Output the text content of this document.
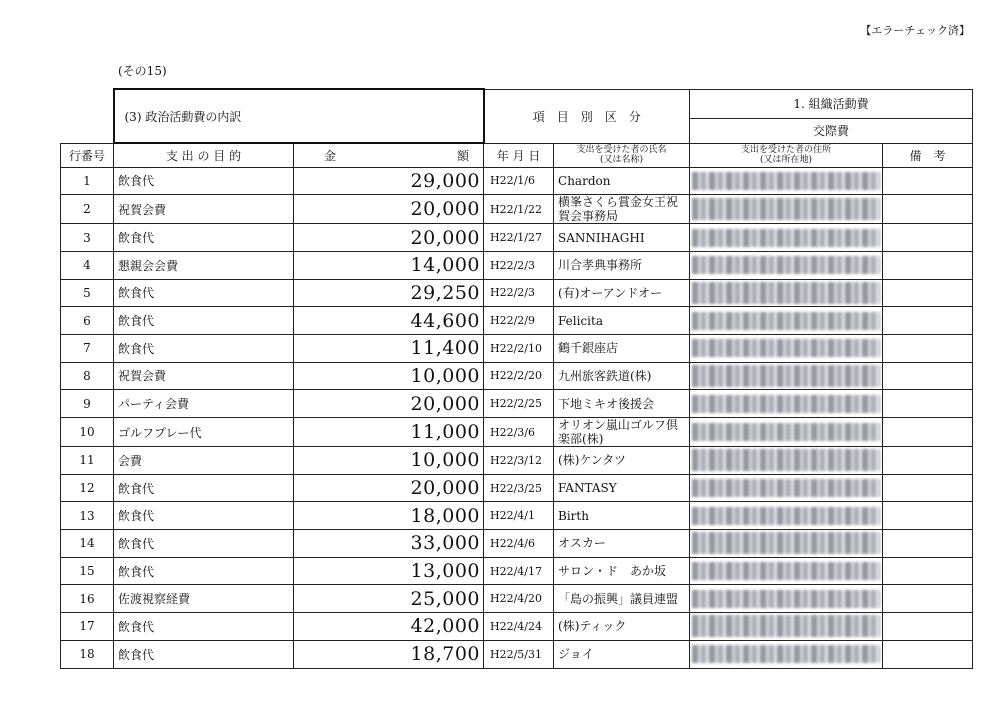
【エラーチェック済】
(その15)
	(3) 政治活動費の内訳		項　目　別　区　分		1. 組織活動費	
					交際費	
行番号	支 出 の 目 的	金 額	年 月 日	支出を受けた者の氏名
(又は名称)	支出を受けた者の住所
(又は所在地)	備　考
1	飲食代	29,000	H22/1/6	Chardon	

2	祝賀会費	20,000	H22/1/22	横峯さくら賞金女王祝賀会事務局	

3	飲食代	20,000	H22/1/27	SANNIHAGHI	

4	懇親会会費	14,000	H22/2/3	川合孝典事務所	

5	飲食代	29,250	H22/2/3	(有)オーアンドオー	

6	飲食代	44,600	H22/2/9	Felicita	

7	飲食代	11,400	H22/2/10	鶴千銀座店	

8	祝賀会費	10,000	H22/2/20	九州旅客鉄道(株)	

9	パーティ会費	20,000	H22/2/25	下地ミキオ後援会	

10	ゴルフプレー代	11,000	H22/3/6	オリオン嵐山ゴルフ倶楽部(株)	

11	会費	10,000	H22/3/12	(株)ケンタツ	

12	飲食代	20,000	H22/3/25	FANTASY	

13	飲食代	18,000	H22/4/1	Birth	

14	飲食代	33,000	H22/4/6	オスカー	

15	飲食代	13,000	H22/4/17	サロン・ド　あか坂	

16	佐渡視察経費	25,000	H22/4/20	「島の振興」議員連盟	

17	飲食代	42,000	H22/4/24	(株)ティック	

18	飲食代	18,700	H22/5/31	ジョイ	
